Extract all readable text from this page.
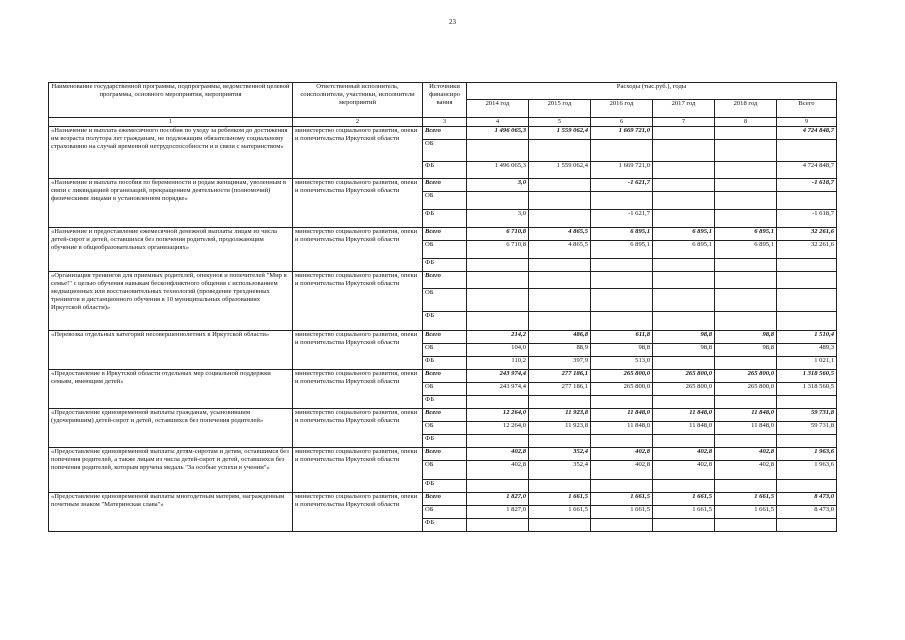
23
Наименование государственной программы, подпрограммы, ведомственной целевой программы, основного мероприятия, мероприятия	Ответственный исполнитель, соисполнители, участники, исполнители мероприятий	Источники финансиро вания	Расходы (тыс.руб.), годы					
			2014 год	2015 год	2016 год	2017 год	2018 год	Всего
1	2	3	4	5	6	7	8	9
«Назначение и выплата ежемесячного пособия по уходу за ребенком до достижения им возраста полутора лет гражданам, не подлежащим обязательному социальному страхованию на случай временной нетрудоспособности и в связи с материнством»	министерство социального развития, опеки и попечительства Иркутской области	Всего	1 496 065,3	1 559 062,4	1 669 721,0			4 724 848,7
		ОБ						
		ФБ	1 496 065,3	1 559 062,4	1 669 721,0			4 724 848,7
«Назначение и выплата пособия по беременности и родам женщинам, уволенным в связи с ликвидацией организаций, прекращением деятельности (полномочий) физическими лицами в установленном порядке»	министерство социального развития, опеки и попечительства Иркутской области	Всего	3,0		-1 621,7			-1 618,7
		ОБ						
		ФБ	3,0		-1 621,7			-1 618,7
«Назначение и предоставление ежемесячной денежной выплаты лицам из числа детей-сирот и детей, оставшихся без попечения родителей, продолжающим обучение в общеобразовательных организациях»	министерство социального развития, опеки и попечительства Иркутской области	Всего	6 710,8	4 865,5	6 895,1	6 895,1	6 895,1	32 261,6
		ОБ	6 710,8	4 865,5	6 895,1	6 895,1	6 895,1	32 261,6
		ФБ						
«Организация тренингов для приемных родителей, опекунов и попечителей "Мир в семье!" с целью обучения навыкам бесконфликтного общения с использованием медиационных или восстановительных технологий (проведение трехдневных тренингов и дистанционного обучения в 10 муниципальных образованиях Иркутской области)»	министерство социального развития, опеки и попечительства Иркутской области	Всего						
		ОБ						
		ФБ						
«Перевозка отдельных категорий несовершеннолетних в Иркутской области»	министерство социального развития, опеки и попечительства Иркутской области	Всего	214,2	486,8	611,8	98,8	98,8	1 510,4
		ОБ	104,0	88,9	98,8	98,8	98,8	489,3
		ФБ	110,2	397,9	513,0			1 021,1
«Предоставление в Иркутской области отдельных мер социальной поддержки семьям, имеющим детей»	министерство социального развития, опеки и попечительства Иркутской области	Всего	243 974,4	277 186,1	265 800,0	265 800,0	265 800,0	1 318 560,5
		ОБ	243 974,4	277 186,1	265 800,0	265 800,0	265 800,0	1 318 560,5
		ФБ						
«Предоставление единовременной выплаты гражданам, усыновившим (удочерившим) детей-сирот и детей, оставшихся без попечения родителей»	министерство социального развития, опеки и попечительства Иркутской области	Всего	12 264,0	11 923,8	11 848,0	11 848,0	11 848,0	59 731,8
		ОБ	12 264,0	11 923,8	11 848,0	11 848,0	11 848,0	59 731,8
		ФБ						
«Предоставление единовременной выплаты детям-сиротам и детям, оставшимся без попечения родителей, а также лицам из числа детей-сирот и детей, оставшихся без попечения родителей, которым вручена медаль "За особые успехи в учении"»	министерство социального развития, опеки и попечительства Иркутской области	Всего	402,8	352,4	402,8	402,8	402,8	1 963,6
		ОБ	402,8	352,4	402,8	402,8	402,8	1 963,6
		ФБ						
«Предоставление единовременной выплаты многодетным матерям, награжденным почетным знаком "Материнская слава"»	министерство социального развития, опеки и попечительства Иркутской области	Всего	1 827,0	1 661,5	1 661,5	1 661,5	1 661,5	8 473,0
		ОБ	1 827,0	1 661,5	1 661,5	1 661,5	1 661,5	8 473,0
		ФБ						
